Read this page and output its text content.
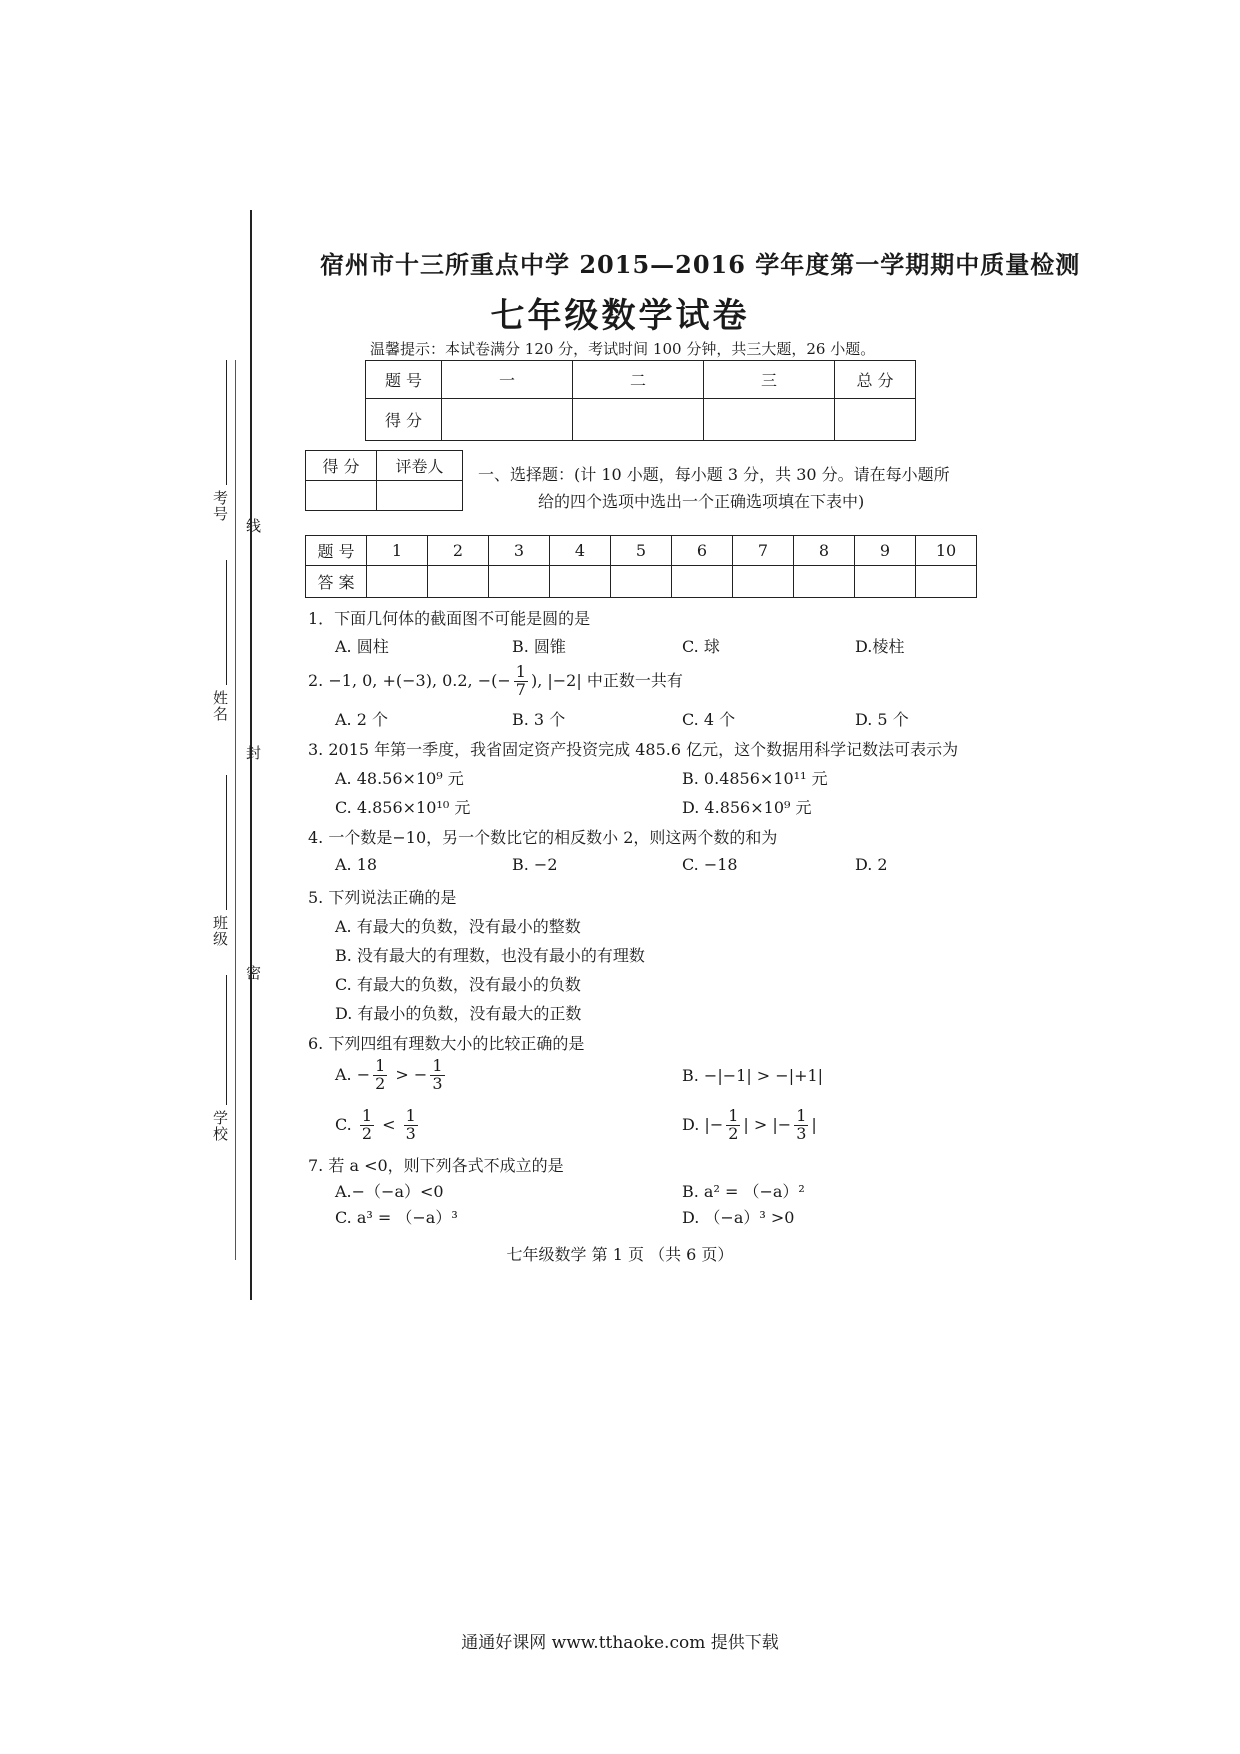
考号
线
姓名
封
班级
密
学校
宿州市十三所重点中学 2015—2016 学年度第一学期期中质量检测
七年级数学试卷
温馨提示：本试卷满分 120 分，考试时间 100 分钟，共三大题，26 小题。
题 号	一	二	三	总 分
得 分				
得 分	评卷人
	一、选择题：(计 10 小题，每小题 3 分，共 30 分。请在每小题所
给的四个选项中选出一个正确选项填在下表中)
题 号	1	2	3	4	5	6	7	8	9	10
答 案										
1．下面几何体的截面图不可能是圆的是
A. 圆柱	B. 圆锥	C. 球	D.棱柱
2. −1, 0, +(−3), 0.2, −(− $\frac{1}{7}$ ), |−2| 中正数一共有
A. 2 个	B. 3 个	C. 4 个	D. 5 个
3. 2015 年第一季度，我省固定资产投资完成 485.6 亿元，这个数据用科学记数法可表示为
A. 48.56×10⁹ 元	B. 0.4856×10¹¹ 元
C. 4.856×10¹⁰ 元	D. 4.856×10⁹ 元
4. 一个数是−10，另一个数比它的相反数小 2，则这两个数的和为
A. 18	B. −2	C. −18	D. 2
5. 下列说法正确的是
A. 有最大的负数，没有最小的整数
B. 没有最大的有理数，也没有最小的有理数
C. 有最大的负数，没有最小的负数
D. 有最小的负数，没有最大的正数
6. 下列四组有理数大小的比较正确的是
A. − $\frac{1}{2}$ > − $\frac{1}{3}$	B. −|−1| > −|+1|
C. $\frac{1}{2} < \frac{1}{3}$	D. |− $\frac{1}{2}$ | > |− $\frac{1}{3}$ |
7. 若 a <0，则下列各式不成立的是
A.−（−a）<0	B. a² = （−a）²
C. a³ = （−a）³	D. （−a）³ >0
七年级数学 第 1 页 （共 6 页）
通通好课网 www.tthaoke.com 提供下载
